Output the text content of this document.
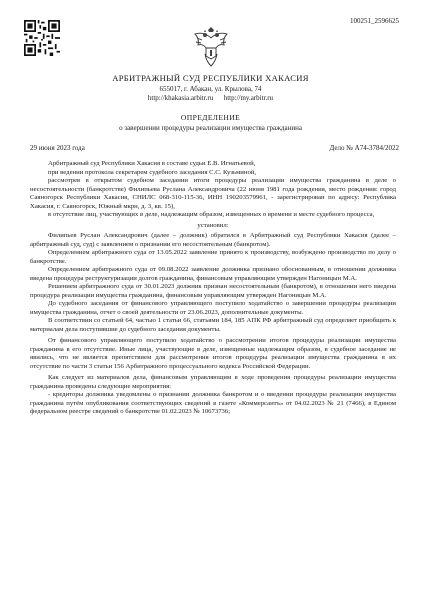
100251_2596625
АРБИТРАЖНЫЙ СУД РЕСПУБЛИКИ ХАКАСИЯ
655017, г. Абакан, ул. Крылова, 74
http://khakasia.arbitr.ru      http://my.arbitr.ru
ОПРЕДЕЛЕНИЕ
о завершении процедуры реализации имущества гражданина
29 июня 2023 года	Дело № А74-3784/2022

Арбитражный суд Республики Хакасия в составе судьи Е.В. Игнатьевой,

при ведении протокола секретарем судебного заседания С.С. Кузьминой,

рассмотрев в открытом судебном заседании итоги процедуры реализации имущества гражданина в деле о несостоятельности (банкротстве) Филипьева Руслана Александровича (22 июня 1981 года рождения, место рождения: город Саяногорск Республики Хакасия, СНИЛС 068-310-115-36, ИНН 190203579961, - зарегистрирован по адресу: Республика Хакасия, г. Саяногорск, Южный мкрн, д. 3, кв. 15),

в отсутствие лиц, участвующих в деле, надлежащим образом, извещенных о времени и месте судебного процесса,

установил:

Филипьев Руслан Александрович (далее – должник) обратился в Арбитражный суд Республики Хакасия (далее – арбитражный суд, суд) с заявлением о признании его несостоятельным (банкротом).

Определением арбитражного суда от 13.05.2022 заявление принято к производству, возбуждено производство по делу о банкротстве.

Определением арбитражного суда от 09.08.2022 заявление должника признано обоснованным, в отношении должника введена процедура реструктуризации долгов гражданина, финансовым управляющим утвержден Нагоницын М.А.

Решением арбитражного суда от 30.01.2023 должник признан несостоятельным (банкротом), в отношении него введена процедура реализации имущества гражданина, финансовым управляющим утвержден Нагоницын М.А.

До судебного заседания от финансового управляющего поступило ходатайство о завершении процедуры реализации имущества гражданина, отчет о своей деятельности от 23.06.2023, дополнительные документы.

В соответствии со статьей 64, частью 1 статьи 66, статьями 184, 185 АПК РФ арбитражный суд определяет приобщить к материалам дела поступившие до судебного заседания документы.

От финансового управляющего поступило ходатайство о рассмотрении итогов процедуры реализации имущества гражданина в его отсутствие. Иные лица, участвующие в деле, извещенные надлежащим образом, в судебное заседание не явились, что не является препятствием для рассмотрения итогов процедуры реализации имущества гражданина в их отсутствие по части 3 статьи 156 Арбитражного процессуального кодекса Российской Федерации.

Как следует из материалов дела, финансовым управляющим в ходе проведения процедуры реализации имущества гражданина проведены следующие мероприятия:

- кредиторы должника уведомлены о признании должника банкротом и о введении процедуры реализации имущества гражданина путём опубликования соответствующих сведений в газете «Коммерсантъ» от 04.02.2023 № 21 (7466), в Едином федеральном реестре сведений о банкротстве 01.02.2023 № 10673736;
